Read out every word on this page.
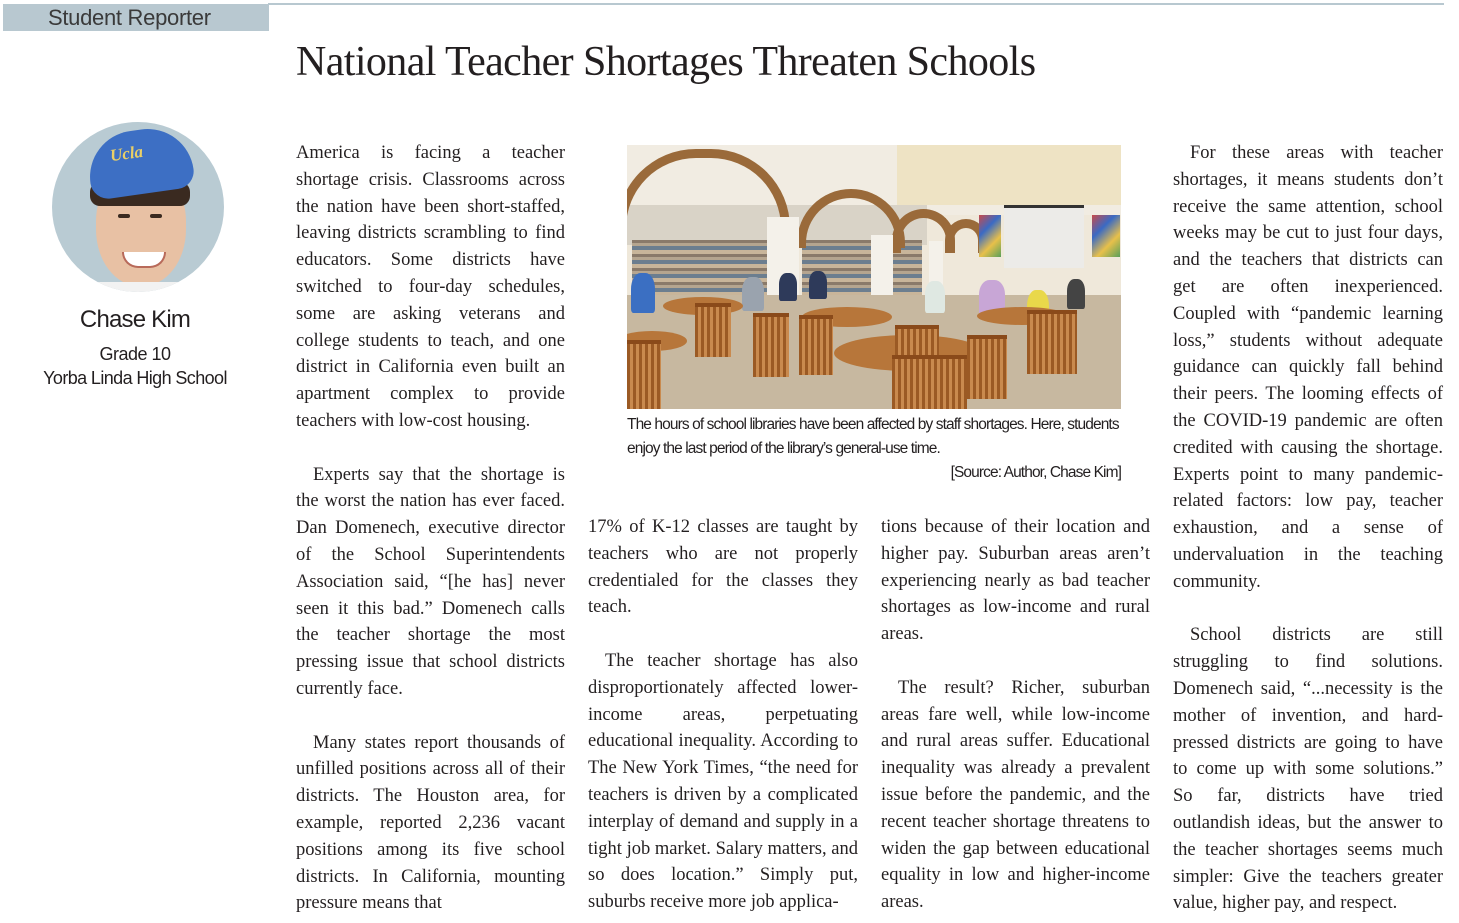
Student Reporter
National Teacher Shortages Threaten Schools
Ucla
Chase Kim
Grade 10
Yorba Linda High School

America is facing a teacher shortage crisis. Classrooms across the nation have been short-staffed, leaving districts scrambling to find educators. Some districts have switched to four-day schedules, some are asking veterans and college students to teach, and one district in California even built an apartment complex to provide teachers with low-cost housing.

Experts say that the shortage is the worst the nation has ever faced. Dan Domenech, executive director of the School Superintendents Association said, “[he has] never seen it this bad.” Domenech calls the teacher shortage the most pressing issue that school districts currently face.

Many states report thousands of unfilled positions across all of their districts. The Houston area, for example, reported 2,236 vacant positions among its five school districts. In California, mounting pressure means that

The hours of school libraries have been affected by staff shortages. Here, students enjoy the last period of the library’s general-use time.
[Source: Author, Chase Kim]

17% of K-12 classes are taught by teachers who are not properly credentialed for the classes they teach.

The teacher shortage has also disproportionately affected lower-income areas, perpetuating educational inequality. According to The New York Times, “the need for teachers is driven by a complicated interplay of demand and supply in a tight job market. Salary matters, and so does location.” Simply put, suburbs receive more job applica-

tions because of their location and higher pay. Suburban areas aren’t experiencing nearly as bad teacher shortages as low-income and rural areas.

The result? Richer, suburban areas fare well, while low-income and rural areas suffer. Educational inequality was already a prevalent issue before the pandemic, and the recent teacher shortage threatens to widen the gap between educational equality in low and higher-income areas.

For these areas with teacher shortages, it means students don’t receive the same attention, school weeks may be cut to just four days, and the teachers that districts can get are often inexperienced. Coupled with “pandemic learning loss,” students without adequate guidance can quickly fall behind their peers. The looming effects of the COVID-19 pandemic are often credited with causing the shortage. Experts point to many pandemic-related factors: low pay, teacher exhaustion, and a sense of undervaluation in the teaching community.

School districts are still struggling to find solutions. Domenech said, “...necessity is the mother of invention, and hard-pressed districts are going to have to come up with some solutions.” So far, districts have tried outlandish ideas, but the answer to the teacher shortages seems much simpler: Give the teachers greater value, higher pay, and respect.
